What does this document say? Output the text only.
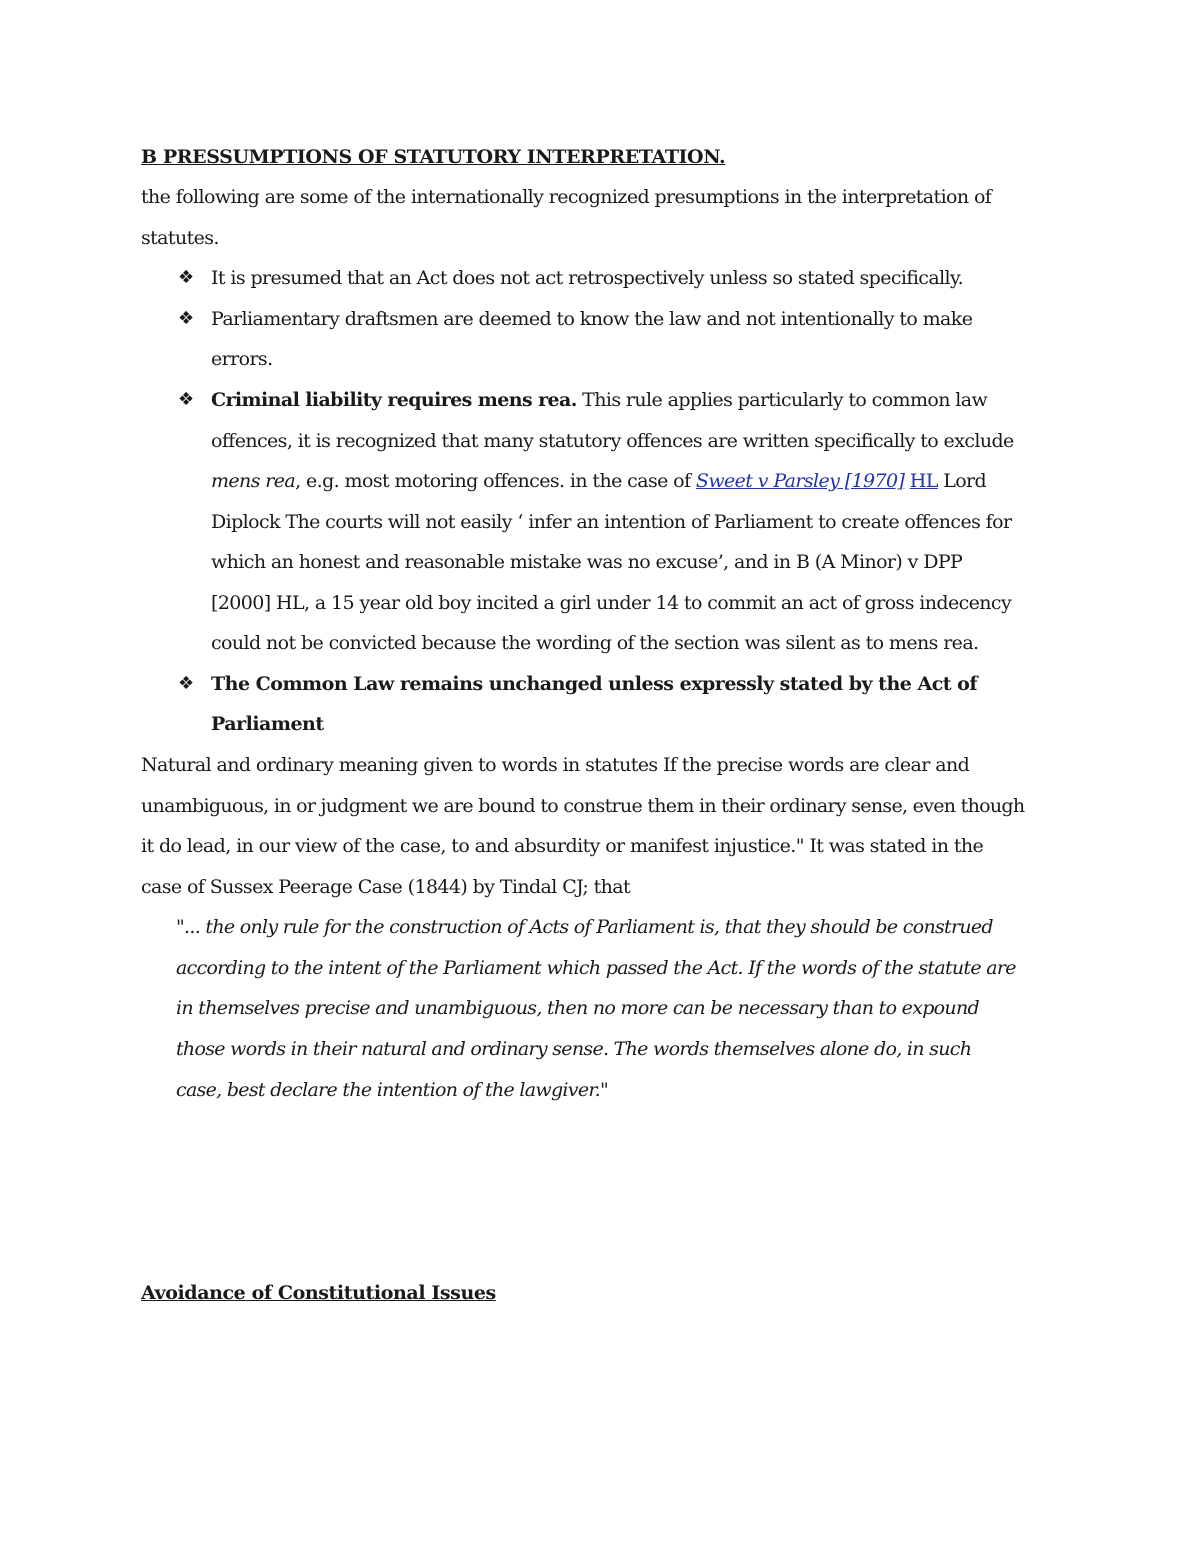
B PRESSUMPTIONS OF STATUTORY INTERPRETATION.
the following are some of the internationally recognized presumptions in the interpretation of
statutes.
❖ It is presumed that an Act does not act retrospectively unless so stated specifically.
❖ Parliamentary draftsmen are deemed to know the law and not intentionally to make
errors.
❖ Criminal liability requires mens rea. This rule applies particularly to common law
offences, it is recognized that many statutory offences are written specifically to exclude
mens rea, e.g. most motoring offences. in the case of Sweet v Parsley [1970] HL Lord
Diplock The courts will not easily ‘ infer an intention of Parliament to create offences for
which an honest and reasonable mistake was no excuse’, and in B (A Minor) v DPP
[2000] HL, a 15 year old boy incited a girl under 14 to commit an act of gross indecency
could not be convicted because the wording of the section was silent as to mens rea.
❖ The Common Law remains unchanged unless expressly stated by the Act of
Parliament
Natural and ordinary meaning given to words in statutes If the precise words are clear and
unambiguous, in or judgment we are bound to construe them in their ordinary sense, even though
it do lead, in our view of the case, to and absurdity or manifest injustice." It was stated in the
case of Sussex Peerage Case (1844) by Tindal CJ; that
"... the only rule for the construction of Acts of Parliament is, that they should be construed
according to the intent of the Parliament which passed the Act. If the words of the statute are
in themselves precise and unambiguous, then no more can be necessary than to expound
those words in their natural and ordinary sense. The words themselves alone do, in such
case, best declare the intention of the lawgiver."
Avoidance of Constitutional Issues
